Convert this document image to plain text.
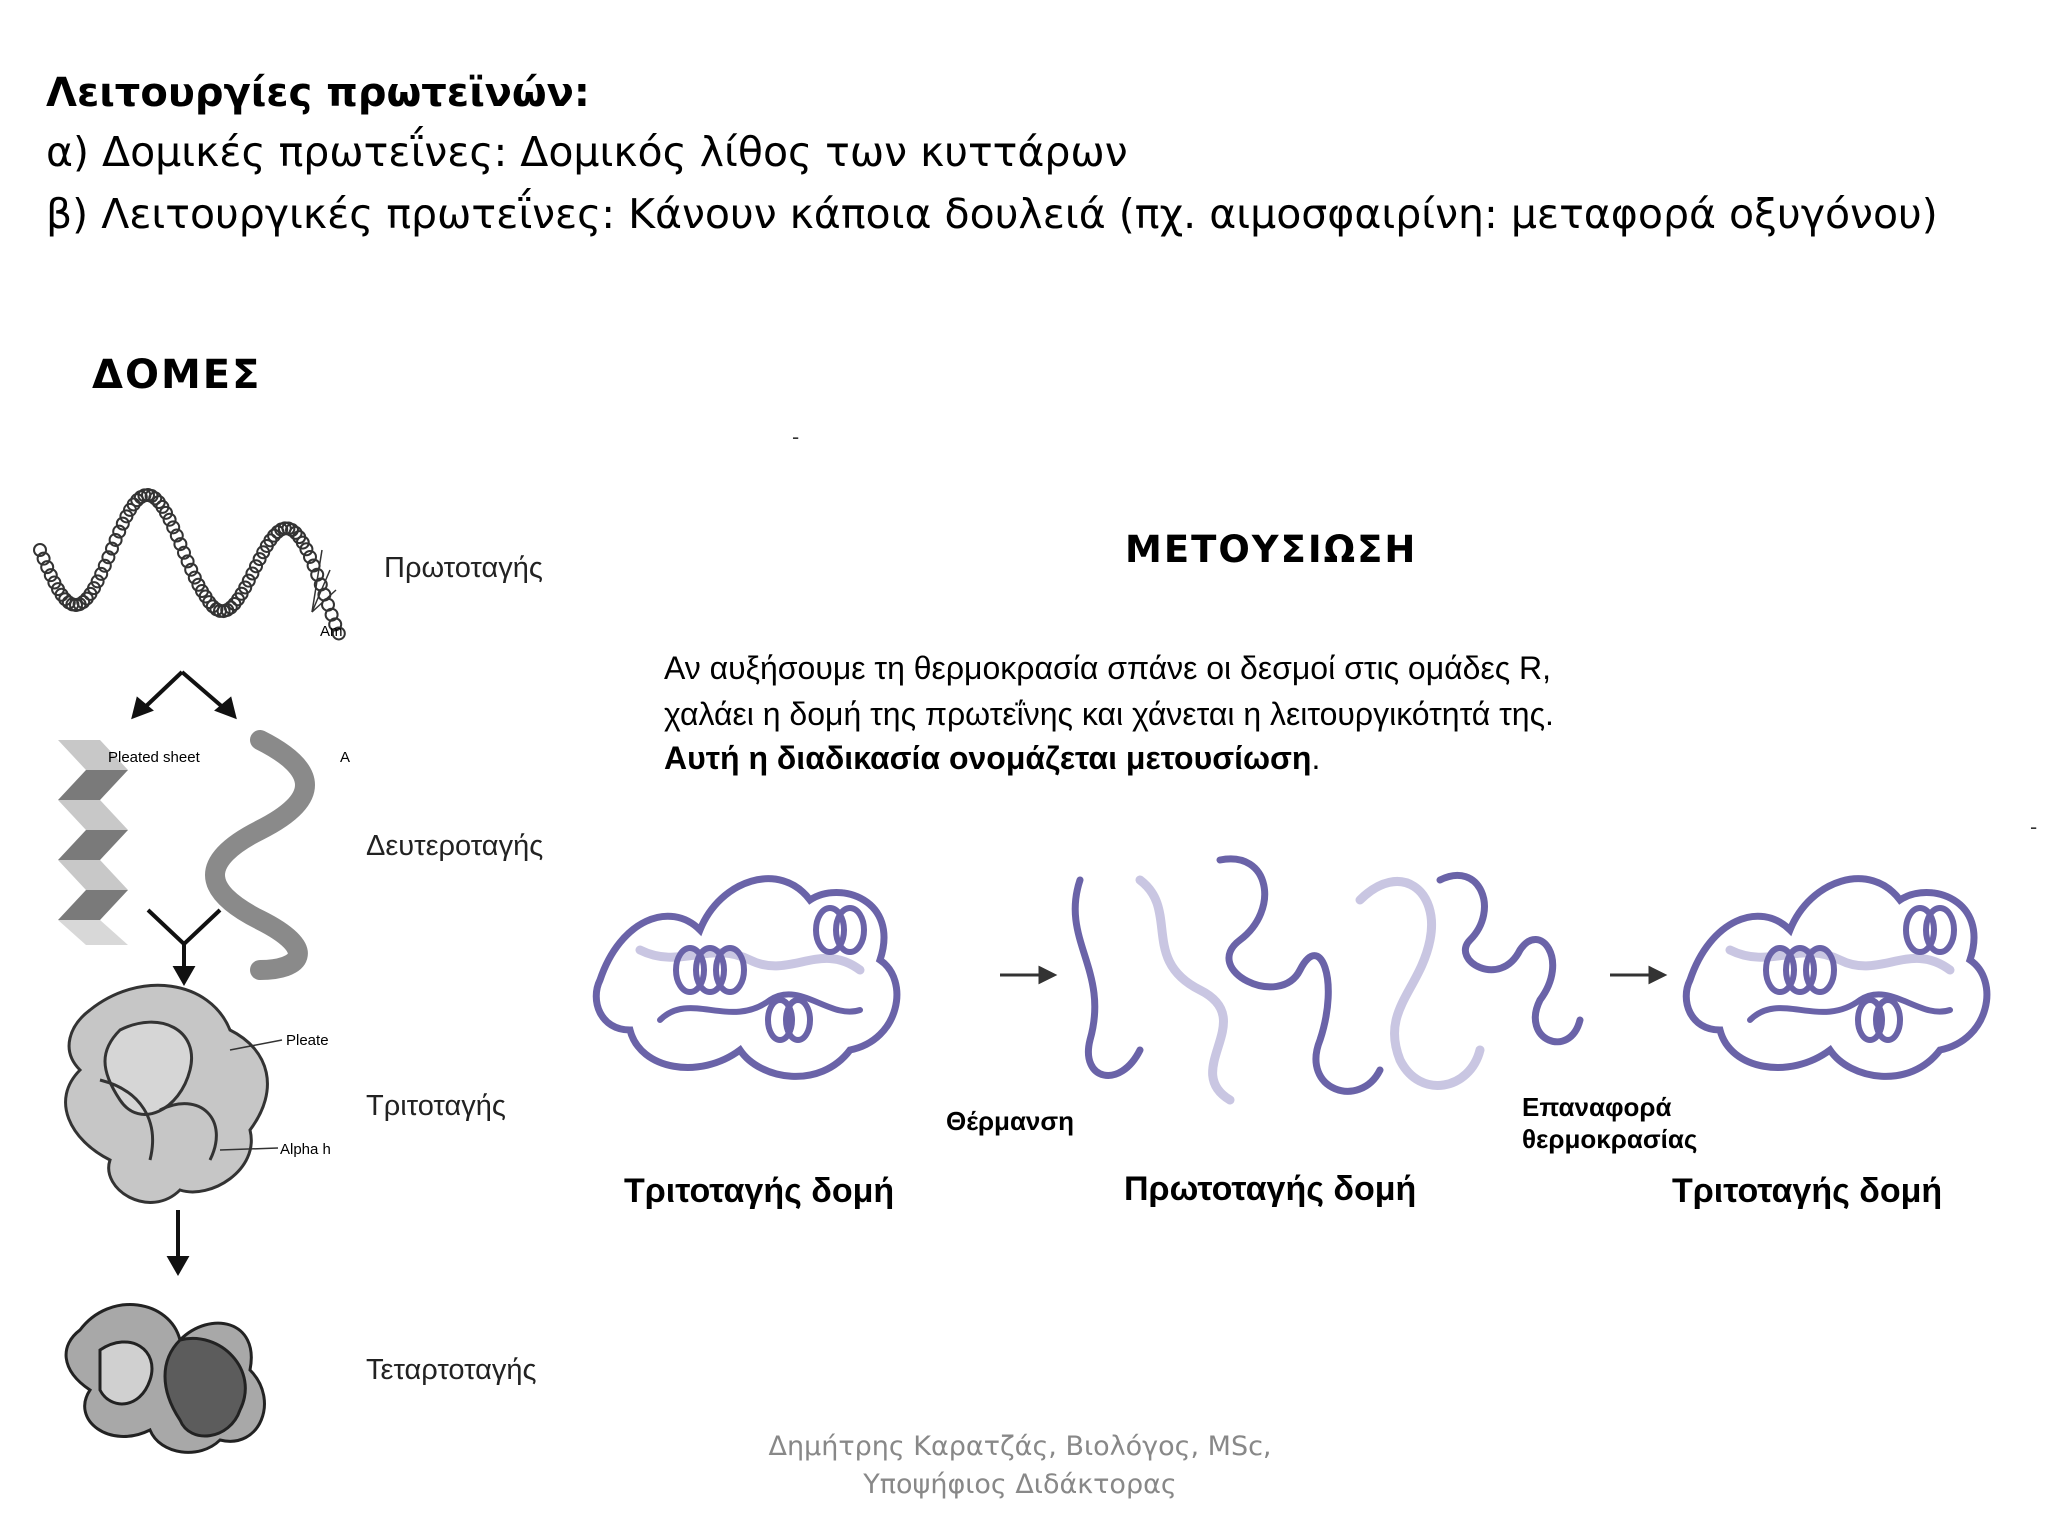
Λειτουργίες πρωτεϊνών:
α) Δομικές πρωτεΐνες: Δομικός λίθος των κυττάρων
β) Λειτουργικές πρωτεΐνες: Κάνουν κάποια δουλειά (πχ. αιμοσφαιρίνη: μεταφορά οξυγόνου)
ΔΟΜΕΣ
Am
Pleated sheet	A
Pleate
Alpha h
Πρωτοταγής
Δευτεροταγής
Τριτοταγής
Τεταρτοταγής
-
-
ΜΕΤΟΥΣΙΩΣΗ
Αν αυξήσουμε τη θερμοκρασία σπάνε οι δεσμοί στις ομάδες R,
χαλάει η δομή της πρωτεΐνης και χάνεται η λειτουργικότητά της.
Αυτή η διαδικασία ονομάζεται μετουσίωση.
Θέρμανση	Επαναφορά
θερμοκρασίας
Τριτοταγής δομή	Πρωτοταγής δομή	Τριτοταγής δομή
Δημήτρης Καρατζάς, Βιολόγος, MSc,
Υποψήφιος Διδάκτορας
